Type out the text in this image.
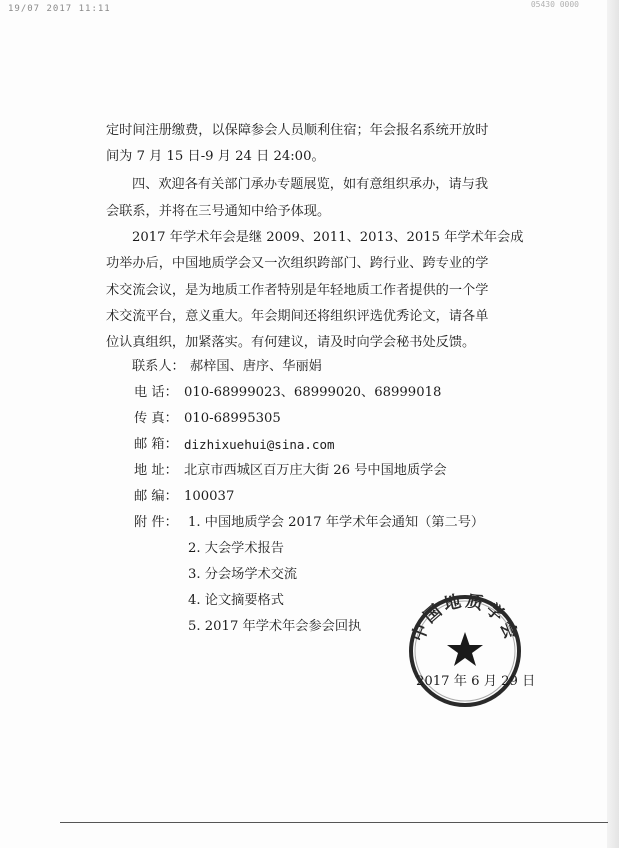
19/07 2017 11:11	05430 0000
定时间注册缴费，以保障参会人员顺利住宿；年会报名系统开放时
间为 7 月 15 日-9 月 24 日 24:00。
四、欢迎各有关部门承办专题展览，如有意组织承办，请与我
会联系，并将在三号通知中给予体现。
2017 年学术年会是继 2009、2011、2013、2015 年学术年会成
功举办后，中国地质学会又一次组织跨部门、跨行业、跨专业的学
术交流会议，是为地质工作者特别是年轻地质工作者提供的一个学
术交流平台，意义重大。年会期间还将组织评选优秀论文，请各单
位认真组织，加紧落实。有何建议，请及时向学会秘书处反馈。
联系人： 郝梓国、唐序、华丽娟
电 话： 010-68999023、68999020、68999018
传 真： 010-68995305
邮 箱： dizhixuehui@sina.com
地 址： 北京市西城区百万庄大街 26 号中国地质学会
邮 编： 100037
附 件： 1. 中国地质学会 2017 年学术年会通知（第二号）
2. 大会学术报告
3. 分会场学术交流
4. 论文摘要格式
5. 2017 年学术年会参会回执	中国地质学会
2017 年 6 月 29 日
